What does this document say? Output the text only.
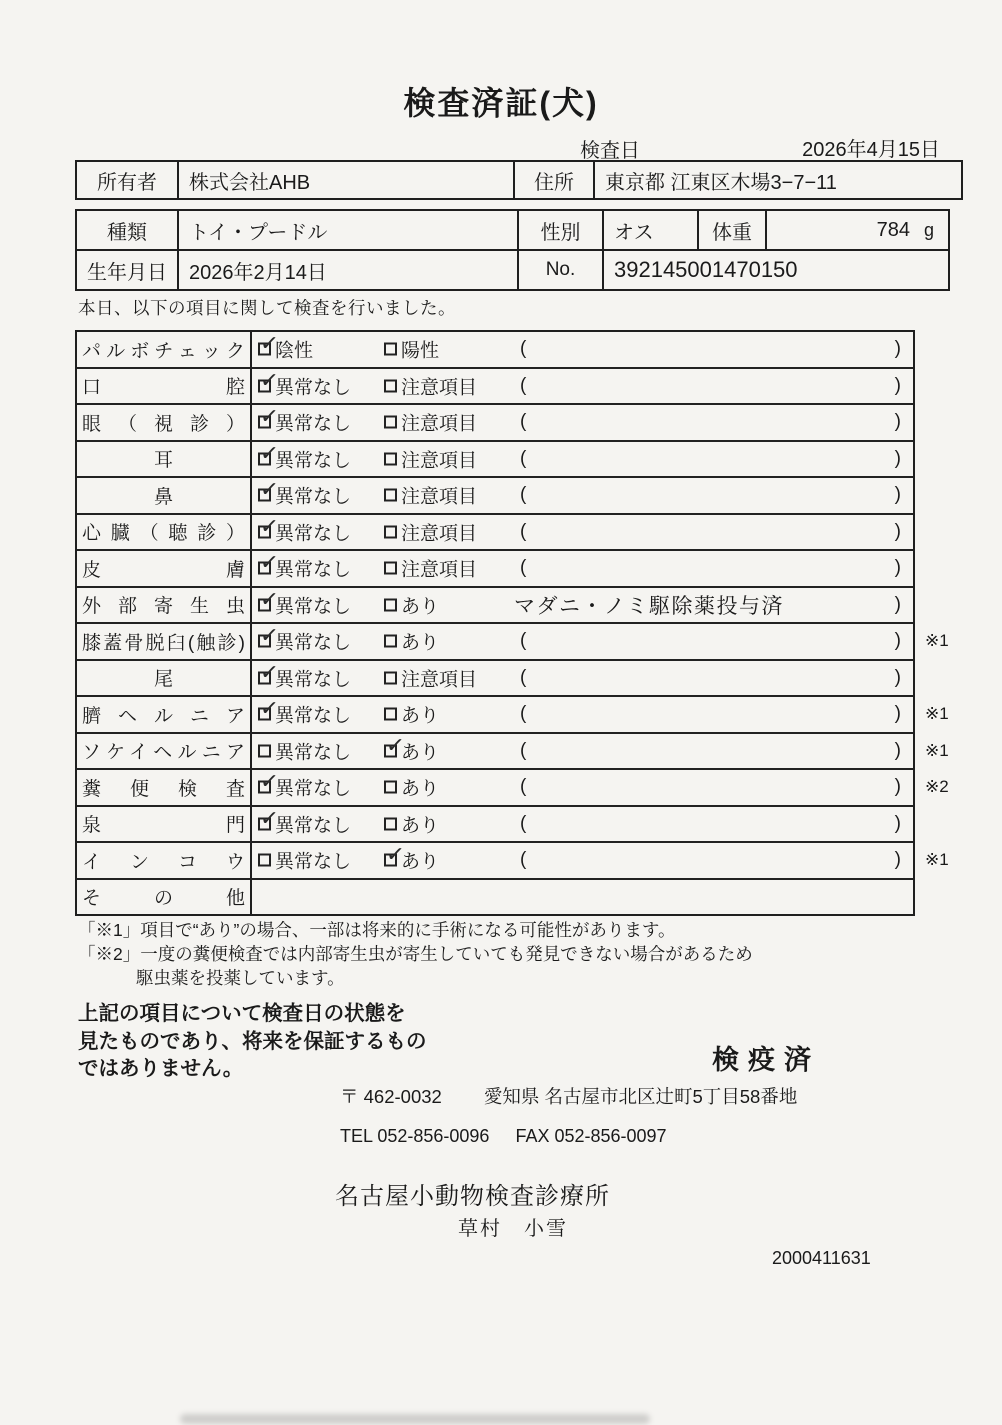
検査済証(犬)
検査日	2026年4月15日
所有者	株式会社AHB	住所	東京都 江東区木場3−7−11
種類	トイ・プードル	性別	オス	体重	784 g
生年月日	2026年2月14日	No.	392145001470150
本日、以下の項目に関して検査を行いました。
パルボチェック ✓ 陰性	陽性	(	)
口腔 ✓ 異常なし	注意項目 (	)
眼（視診） ✓ 異常なし	注意項目 (	)
耳 ✓	異常なし	注意項目 (	)
鼻 ✓	異常なし	注意項目 (	)
心臓（聴診） ✓ 異常なし	注意項目 (	)
皮膚 ✓ 異常なし	注意項目 (	)
外部寄生虫 ✓ 異常なし	あり	マダニ・ノミ駆除薬投与済	)
膝蓋骨脱臼(触診) ✓ 異常なし	あり	(	) ※1
尾 ✓	異常なし	注意項目 (	)
臍ヘルニア ✓ 異常なし	あり	(	) ※1
ソケイヘルニア 異常なし ✓	あり	(	) ※1
糞便検査 ✓ 異常なし	あり	(	) ※2
泉門 ✓ 異常なし	あり	(	)
インコウ 異常なし ✓	あり	(	) ※1
その他
「※1」項目で“あり”の場合、一部は将来的に手術になる可能性があります。
「※2」一度の糞便検査では内部寄生虫が寄生していても発見できない場合があるため
駆虫薬を投薬しています。
上記の項目について検査日の状態を
見たものであり、将来を保証するもの
ではありません。	検疫済
〒 462-0032 愛知県 名古屋市北区辻町5丁目58番地
TEL 052-856-0096 FAX 052-856-0097
名古屋小動物検査診療所
草村　小雪
2000411631
